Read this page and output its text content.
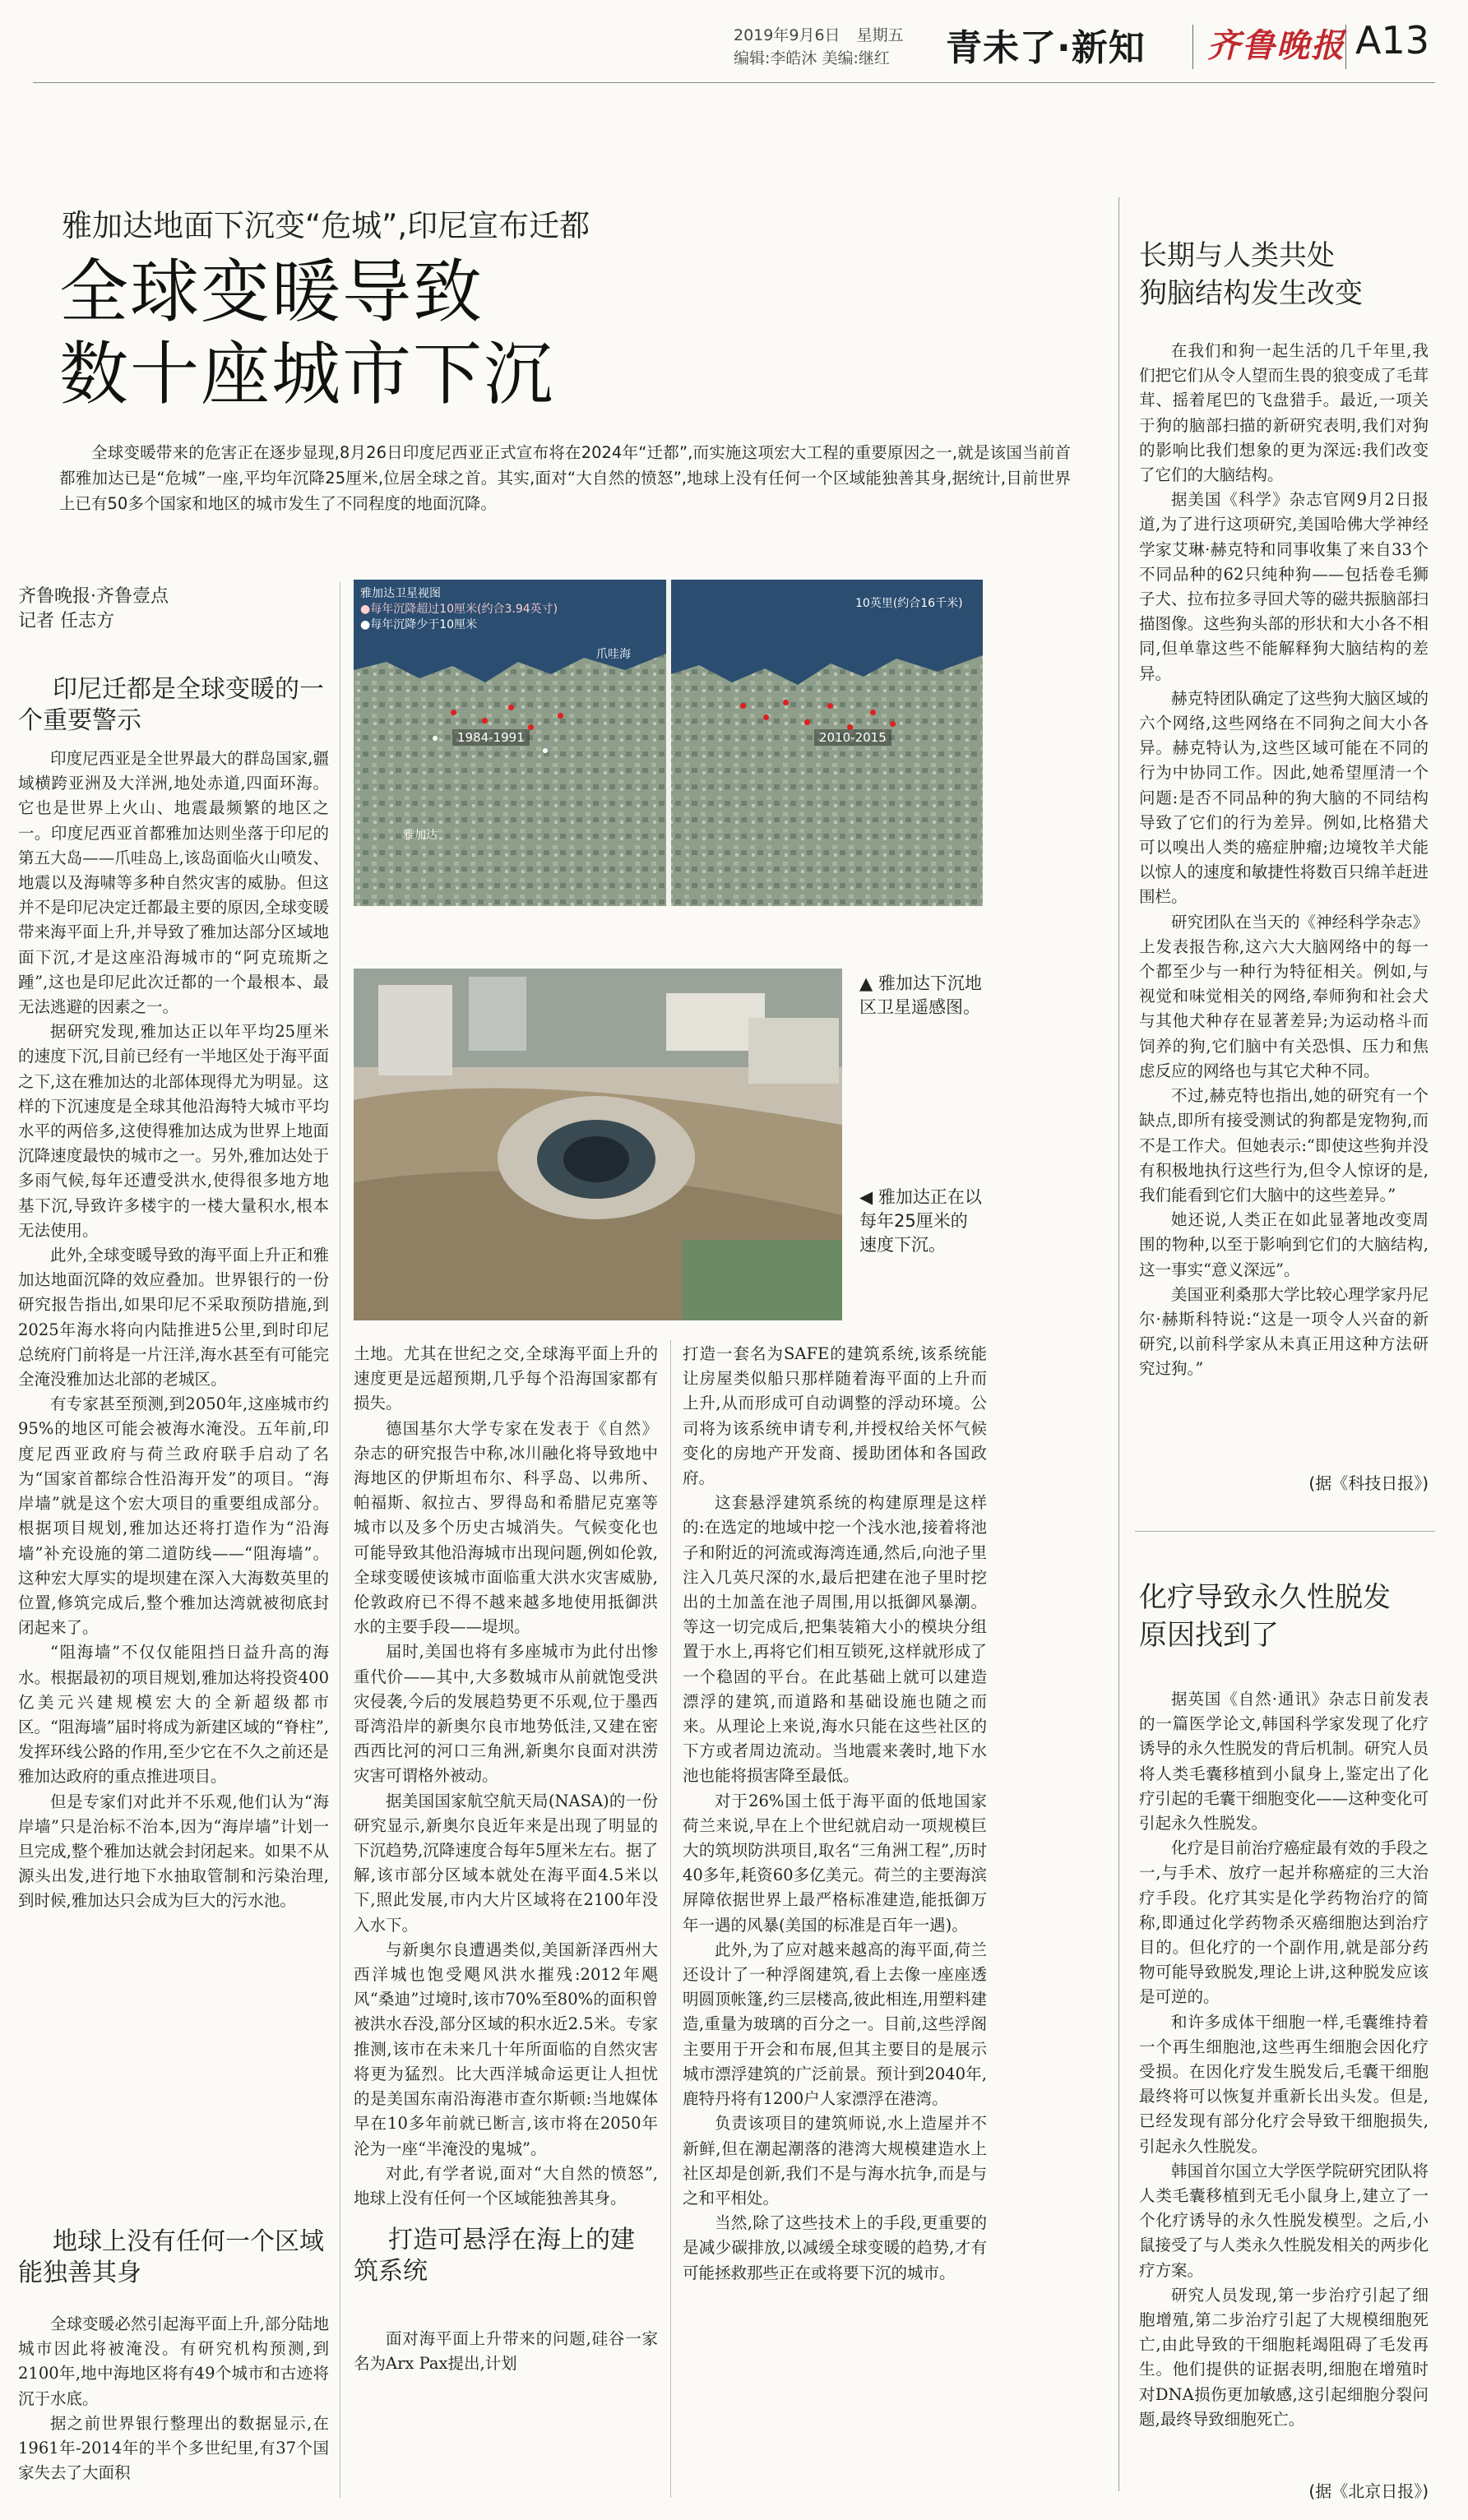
2019年9月6日 星期五
编辑:李皓沐 美编:继红 青未了·新知 齐鲁晚报 A13
雅加达地面下沉变“危城”,印尼宣布迁都
全球变暖导致
数十座城市下沉

全球变暖带来的危害正在逐步显现,8月26日印度尼西亚正式宣布将在2024年“迁都”,而实施这项宏大工程的重要原因之一,就是该国当前首都雅加达已是“危城”一座,平均年沉降25厘米,位居全球之首。其实,面对“大自然的愤怒”,地球上没有任何一个区域能独善其身,据统计,目前世界上已有50多个国家和地区的城市发生了不同程度的地面沉降。

齐鲁晚报·齐鲁壹点
记者 任志方
印尼迁都是全球变暖的一个重要警示

印度尼西亚是全世界最大的群岛国家,疆域横跨亚洲及大洋洲,地处赤道,四面环海。它也是世界上火山、地震最频繁的地区之一。印度尼西亚首都雅加达则坐落于印尼的第五大岛——爪哇岛上,该岛面临火山喷发、地震以及海啸等多种自然灾害的威胁。但这并不是印尼决定迁都最主要的原因,全球变暖带来海平面上升,并导致了雅加达部分区域地面下沉,才是这座沿海城市的“阿克琉斯之踵”,这也是印尼此次迁都的一个最根本、最无法逃避的因素之一。

据研究发现,雅加达正以年平均25厘米的速度下沉,目前已经有一半地区处于海平面之下,这在雅加达的北部体现得尤为明显。这样的下沉速度是全球其他沿海特大城市平均水平的两倍多,这使得雅加达成为世界上地面沉降速度最快的城市之一。另外,雅加达处于多雨气候,每年还遭受洪水,使得很多地方地基下沉,导致许多楼宇的一楼大量积水,根本无法使用。

此外,全球变暖导致的海平面上升正和雅加达地面沉降的效应叠加。世界银行的一份研究报告指出,如果印尼不采取预防措施,到2025年海水将向内陆推进5公里,到时印尼总统府门前将是一片汪洋,海水甚至有可能完全淹没雅加达北部的老城区。

有专家甚至预测,到2050年,这座城市约95%的地区可能会被海水淹没。五年前,印度尼西亚政府与荷兰政府联手启动了名为“国家首都综合性沿海开发”的项目。“海岸墙”就是这个宏大项目的重要组成部分。根据项目规划,雅加达还将打造作为“沿海墙”补充设施的第二道防线——“阻海墙”。这种宏大厚实的堤坝建在深入大海数英里的位置,修筑完成后,整个雅加达湾就被彻底封闭起来了。

“阻海墙”不仅仅能阻挡日益升高的海水。根据最初的项目规划,雅加达将投资400亿美元兴建规模宏大的全新超级都市区。“阻海墙”届时将成为新建区域的“脊柱”,发挥环线公路的作用,至少它在不久之前还是雅加达政府的重点推进项目。

但是专家们对此并不乐观,他们认为“海岸墙”只是治标不治本,因为“海岸墙”计划一旦完成,整个雅加达就会封闭起来。如果不从源头出发,进行地下水抽取管制和污染治理,到时候,雅加达只会成为巨大的污水池。

地球上没有任何一个区域能独善其身

全球变暖必然引起海平面上升,部分陆地城市因此将被淹没。有研究机构预测,到2100年,地中海地区将有49个城市和古迹将沉于水底。

据之前世界银行整理出的数据显示,在1961年-2014年的半个多世纪里,有37个国家失去了大面积

雅加达卫星视图
●每年沉降超过10厘米(约合3.94英寸)
●每年沉降少于10厘米
爪哇海
雅加达
1984-1991
10英里(约合16千米)
2010-2015
▲ 雅加达下沉地区卫星遥感图。
◀ 雅加达正在以每年25厘米的速度下沉。

土地。尤其在世纪之交,全球海平面上升的速度更是远超预期,几乎每个沿海国家都有损失。

德国基尔大学专家在发表于《自然》杂志的研究报告中称,冰川融化将导致地中海地区的伊斯坦布尔、科孚岛、以弗所、帕福斯、叙拉古、罗得岛和希腊尼克塞等城市以及多个历史古城消失。气候变化也可能导致其他沿海城市出现问题,例如伦敦,全球变暖使该城市面临重大洪水灾害威胁,伦敦政府已不得不越来越多地使用抵御洪水的主要手段——堤坝。

届时,美国也将有多座城市为此付出惨重代价——其中,大多数城市从前就饱受洪灾侵袭,今后的发展趋势更不乐观,位于墨西哥湾沿岸的新奥尔良市地势低洼,又建在密西西比河的河口三角洲,新奥尔良面对洪涝灾害可谓格外被动。

据美国国家航空航天局(NASA)的一份研究显示,新奥尔良近年来是出现了明显的下沉趋势,沉降速度合每年5厘米左右。据了解,该市部分区域本就处在海平面4.5米以下,照此发展,市内大片区域将在2100年没入水下。

与新奥尔良遭遇类似,美国新泽西州大西洋城也饱受飓风洪水摧残:2012年飓风“桑迪”过境时,该市70%至80%的面积曾被洪水吞没,部分区域的积水近2.5米。专家推测,该市在未来几十年所面临的自然灾害将更为猛烈。比大西洋城命运更让人担忧的是美国东南沿海港市查尔斯顿:当地媒体早在10多年前就已断言,该市将在2050年沦为一座“半淹没的鬼城”。

对此,有学者说,面对“大自然的愤怒”,地球上没有任何一个区域能独善其身。

打造可悬浮在海上的建筑系统

面对海平面上升带来的问题,硅谷一家名为Arx Pax提出,计划

打造一套名为SAFE的建筑系统,该系统能让房屋类似船只那样随着海平面的上升而上升,从而形成可自动调整的浮动环境。公司将为该系统申请专利,并授权给关怀气候变化的房地产开发商、援助团体和各国政府。

这套悬浮建筑系统的构建原理是这样的:在选定的地域中挖一个浅水池,接着将池子和附近的河流或海湾连通,然后,向池子里注入几英尺深的水,最后把建在池子里时挖出的土加盖在池子周围,用以抵御风暴潮。等这一切完成后,把集装箱大小的模块分组置于水上,再将它们相互锁死,这样就形成了一个稳固的平台。在此基础上就可以建造漂浮的建筑,而道路和基础设施也随之而来。从理论上来说,海水只能在这些社区的下方或者周边流动。当地震来袭时,地下水池也能将损害降至最低。

对于26%国土低于海平面的低地国家荷兰来说,早在上个世纪就启动一项规模巨大的筑坝防洪项目,取名“三角洲工程”,历时40多年,耗资60多亿美元。荷兰的主要海滨屏障依据世界上最严格标准建造,能抵御万年一遇的风暴(美国的标准是百年一遇)。

此外,为了应对越来越高的海平面,荷兰还设计了一种浮阁建筑,看上去像一座座透明圆顶帐篷,约三层楼高,彼此相连,用塑料建造,重量为玻璃的百分之一。目前,这些浮阁主要用于开会和布展,但其主要目的是展示城市漂浮建筑的广泛前景。预计到2040年,鹿特丹将有1200户人家漂浮在港湾。

负责该项目的建筑师说,水上造屋并不新鲜,但在潮起潮落的港湾大规模建造水上社区却是创新,我们不是与海水抗争,而是与之和平相处。

当然,除了这些技术上的手段,更重要的是减少碳排放,以减缓全球变暖的趋势,才有可能拯救那些正在或将要下沉的城市。

长期与人类共处
狗脑结构发生改变

在我们和狗一起生活的几千年里,我们把它们从令人望而生畏的狼变成了毛茸茸、摇着尾巴的飞盘猎手。最近,一项关于狗的脑部扫描的新研究表明,我们对狗的影响比我们想象的更为深远:我们改变了它们的大脑结构。

据美国《科学》杂志官网9月2日报道,为了进行这项研究,美国哈佛大学神经学家艾琳·赫克特和同事收集了来自33个不同品种的62只纯种狗——包括卷毛狮子犬、拉布拉多寻回犬等的磁共振脑部扫描图像。这些狗头部的形状和大小各不相同,但单靠这些不能解释狗大脑结构的差异。

赫克特团队确定了这些狗大脑区域的六个网络,这些网络在不同狗之间大小各异。赫克特认为,这些区域可能在不同的行为中协同工作。因此,她希望厘清一个问题:是否不同品种的狗大脑的不同结构导致了它们的行为差异。例如,比格猎犬可以嗅出人类的癌症肿瘤;边境牧羊犬能以惊人的速度和敏捷性将数百只绵羊赶进围栏。

研究团队在当天的《神经科学杂志》上发表报告称,这六大大脑网络中的每一个都至少与一种行为特征相关。例如,与视觉和味觉相关的网络,奉师狗和社会犬与其他犬种存在显著差异;为运动格斗而饲养的狗,它们脑中有关恐惧、压力和焦虑反应的网络也与其它犬种不同。

不过,赫克特也指出,她的研究有一个缺点,即所有接受测试的狗都是宠物狗,而不是工作犬。但她表示:“即使这些狗并没有积极地执行这些行为,但令人惊讶的是,我们能看到它们大脑中的这些差异。”

她还说,人类正在如此显著地改变周围的物种,以至于影响到它们的大脑结构,这一事实“意义深远”。

美国亚利桑那大学比较心理学家丹尼尔·赫斯科特说:“这是一项令人兴奋的新研究,以前科学家从未真正用这种方法研究过狗。”

(据《科技日报》)
化疗导致永久性脱发
原因找到了

据英国《自然·通讯》杂志日前发表的一篇医学论文,韩国科学家发现了化疗诱导的永久性脱发的背后机制。研究人员将人类毛囊移植到小鼠身上,鉴定出了化疗引起的毛囊干细胞变化——这种变化可引起永久性脱发。

化疗是目前治疗癌症最有效的手段之一,与手术、放疗一起并称癌症的三大治疗手段。化疗其实是化学药物治疗的简称,即通过化学药物杀灭癌细胞达到治疗目的。但化疗的一个副作用,就是部分药物可能导致脱发,理论上讲,这种脱发应该是可逆的。

和许多成体干细胞一样,毛囊维持着一个再生细胞池,这些再生细胞会因化疗受损。在因化疗发生脱发后,毛囊干细胞最终将可以恢复并重新长出头发。但是,已经发现有部分化疗会导致干细胞损失,引起永久性脱发。

韩国首尔国立大学医学院研究团队将人类毛囊移植到无毛小鼠身上,建立了一个化疗诱导的永久性脱发模型。之后,小鼠接受了与人类永久性脱发相关的两步化疗方案。

研究人员发现,第一步治疗引起了细胞增殖,第二步治疗引起了大规模细胞死亡,由此导致的干细胞耗竭阻碍了毛发再生。他们提供的证据表明,细胞在增殖时对DNA损伤更加敏感,这引起细胞分裂问题,最终导致细胞死亡。

(据《北京日报》)
